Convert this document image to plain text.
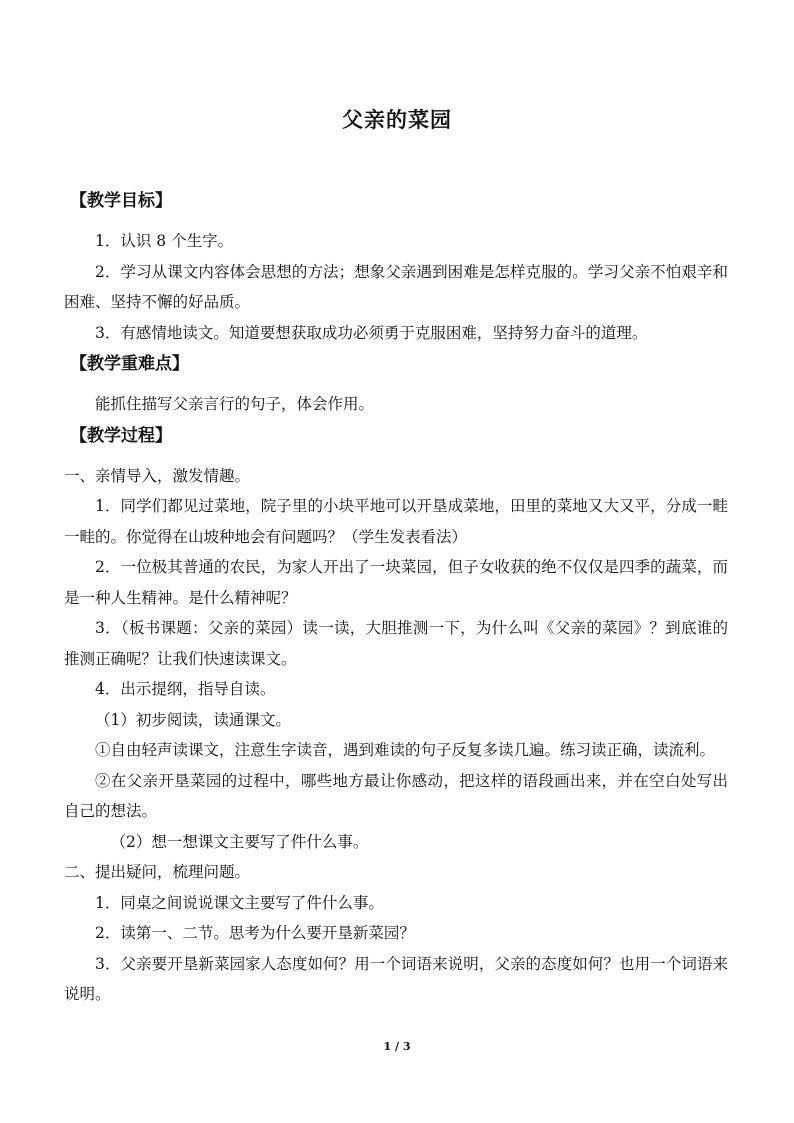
父亲的菜园
【教学目标】

1．认识 8 个生字。

2．学习从课文内容体会思想的方法；想象父亲遇到困难是怎样克服的。学习父亲不怕艰辛和困难、坚持不懈的好品质。

3．有感情地读文。知道要想获取成功必须勇于克服困难，坚持努力奋斗的道理。

【教学重难点】

能抓住描写父亲言行的句子，体会作用。

【教学过程】

一、亲情导入，激发情趣。

1．同学们都见过菜地，院子里的小块平地可以开垦成菜地，田里的菜地又大又平，分成一畦一畦的。你觉得在山坡种地会有问题吗？（学生发表看法）

2．一位极其普通的农民，为家人开出了一块菜园，但子女收获的绝不仅仅是四季的蔬菜，而是一种人生精神。是什么精神呢？

3．（板书课题：父亲的菜园）读一读，大胆推测一下，为什么叫《父亲的菜园》？到底谁的推测正确呢？让我们快速读课文。

4．出示提纲，指导自读。

（1）初步阅读，读通课文。

①自由轻声读课文，注意生字读音，遇到难读的句子反复多读几遍。练习读正确，读流利。

②在父亲开垦菜园的过程中，哪些地方最让你感动，把这样的语段画出来，并在空白处写出自己的想法。

（2）想一想课文主要写了件什么事。

二、提出疑问，梳理问题。

1．同桌之间说说课文主要写了件什么事。

2．读第一、二节。思考为什么要开垦新菜园？

3．父亲要开垦新菜园家人态度如何？用一个词语来说明，父亲的态度如何？也用一个词语来说明。

1 / 3
